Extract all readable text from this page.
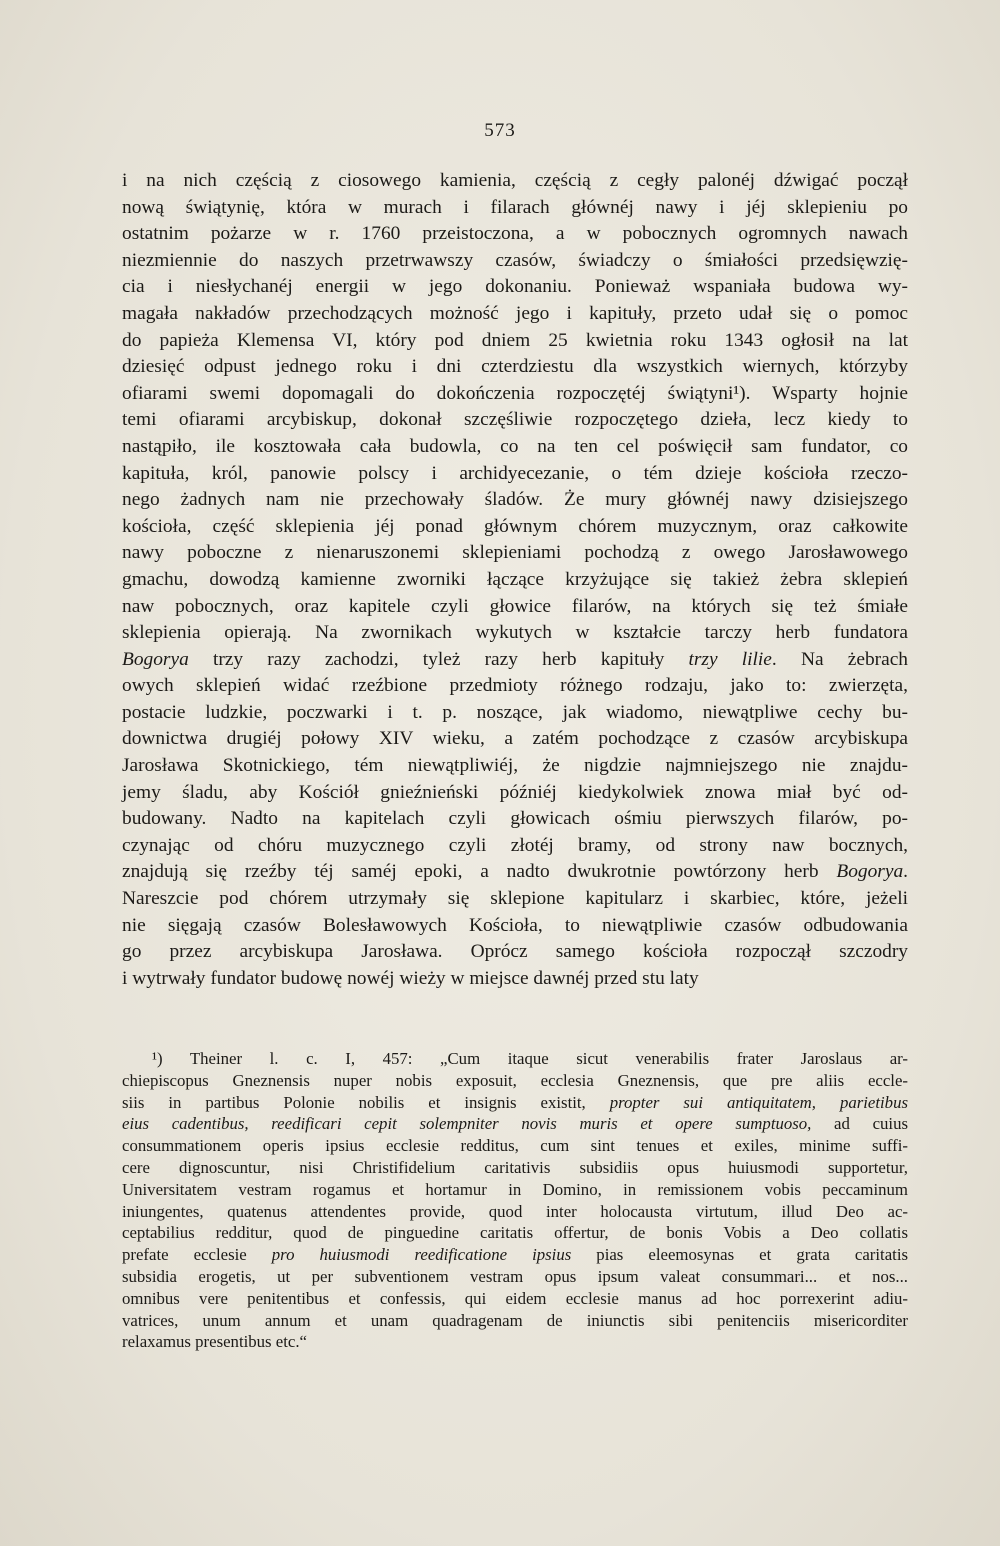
573
i na nich częścią z ciosowego kamienia, częścią z cegły palonéj dźwigać począł
nową świątynię, która w murach i filarach głównéj nawy i jéj sklepieniu po
ostatnim pożarze w r. 1760 przeistoczona, a w pobocznych ogromnych nawach
niezmiennie do naszych przetrwawszy czasów, świadczy o śmiałości przedsięwzię-
cia i niesłychanéj energii w jego dokonaniu. Ponieważ wspaniała budowa wy-
magała nakładów przechodzących możność jego i kapituły, przeto udał się o pomoc
do papieża Klemensa VI, który pod dniem 25 kwietnia roku 1343 ogłosił na lat
dziesięć odpust jednego roku i dni czterdziestu dla wszystkich wiernych, którzyby
ofiarami swemi dopomagali do dokończenia rozpoczętéj świątyni¹). Wsparty hojnie
temi ofiarami arcybiskup, dokonał szczęśliwie rozpoczętego dzieła, lecz kiedy to
nastąpiło, ile kosztowała cała budowla, co na ten cel poświęcił sam fundator, co
kapituła, król, panowie polscy i archidyecezanie, o tém dzieje kościoła rzeczo-
nego żadnych nam nie przechowały śladów. Że mury głównéj nawy dzisiejszego
kościoła, część sklepienia jéj ponad głównym chórem muzycznym, oraz całkowite
nawy poboczne z nienaruszonemi sklepieniami pochodzą z owego Jarosławowego
gmachu, dowodzą kamienne zworniki łączące krzyżujące się takież żebra sklepień
naw pobocznych, oraz kapitele czyli głowice filarów, na których się też śmiałe
sklepienia opierają. Na zwornikach wykutych w kształcie tarczy herb fundatora
Bogorya trzy razy zachodzi, tyleż razy herb kapituły trzy lilie. Na żebrach
owych sklepień widać rzeźbione przedmioty różnego rodzaju, jako to: zwierzęta,
postacie ludzkie, poczwarki i t. p. noszące, jak wiadomo, niewątpliwe cechy bu-
downictwa drugiéj połowy XIV wieku, a zatém pochodzące z czasów arcybiskupa
Jarosława Skotnickiego, tém niewątpliwiéj, że nigdzie najmniejszego nie znajdu-
jemy śladu, aby Kościół gnieźnieński późniéj kiedykolwiek znowa miał być od-
budowany. Nadto na kapitelach czyli głowicach ośmiu pierwszych filarów, po-
czynając od chóru muzycznego czyli złotéj bramy, od strony naw bocznych,
znajdują się rzeźby téj saméj epoki, a nadto dwukrotnie powtórzony herb Bogorya.
Nareszcie pod chórem utrzymały się sklepione kapitularz i skarbiec, które, jeżeli
nie sięgają czasów Bolesławowych Kościoła, to niewątpliwie czasów odbudowania
go przez arcybiskupa Jarosława. Oprócz samego kościoła rozpoczął szczodry
i wytrwały fundator budowę nowéj wieży w miejsce dawnéj przed stu laty
¹) Theiner l. c. I, 457: „Cum itaque sicut venerabilis frater Jaroslaus ar-
chiepiscopus Gneznensis nuper nobis exposuit, ecclesia Gneznensis, que pre aliis eccle-
siis in partibus Polonie nobilis et insignis existit, propter sui antiquitatem, parietibus
eius cadentibus, reedificari cepit solempniter novis muris et opere sumptuoso, ad cuius
consummationem operis ipsius ecclesie redditus, cum sint tenues et exiles, minime suffi-
cere dignoscuntur, nisi Christifidelium caritativis subsidiis opus huiusmodi supportetur,
Universitatem vestram rogamus et hortamur in Domino, in remissionem vobis peccaminum
iniungentes, quatenus attendentes provide, quod inter holocausta virtutum, illud Deo ac-
ceptabilius redditur, quod de pinguedine caritatis offertur, de bonis Vobis a Deo collatis
prefate ecclesie pro huiusmodi reedificatione ipsius pias eleemosynas et grata caritatis
subsidia erogetis, ut per subventionem vestram opus ipsum valeat consummari... et nos...
omnibus vere penitentibus et confessis, qui eidem ecclesie manus ad hoc porrexerint adiu-
vatrices, unum annum et unam quadragenam de iniunctis sibi penitenciis misericorditer
relaxamus presentibus etc.“
